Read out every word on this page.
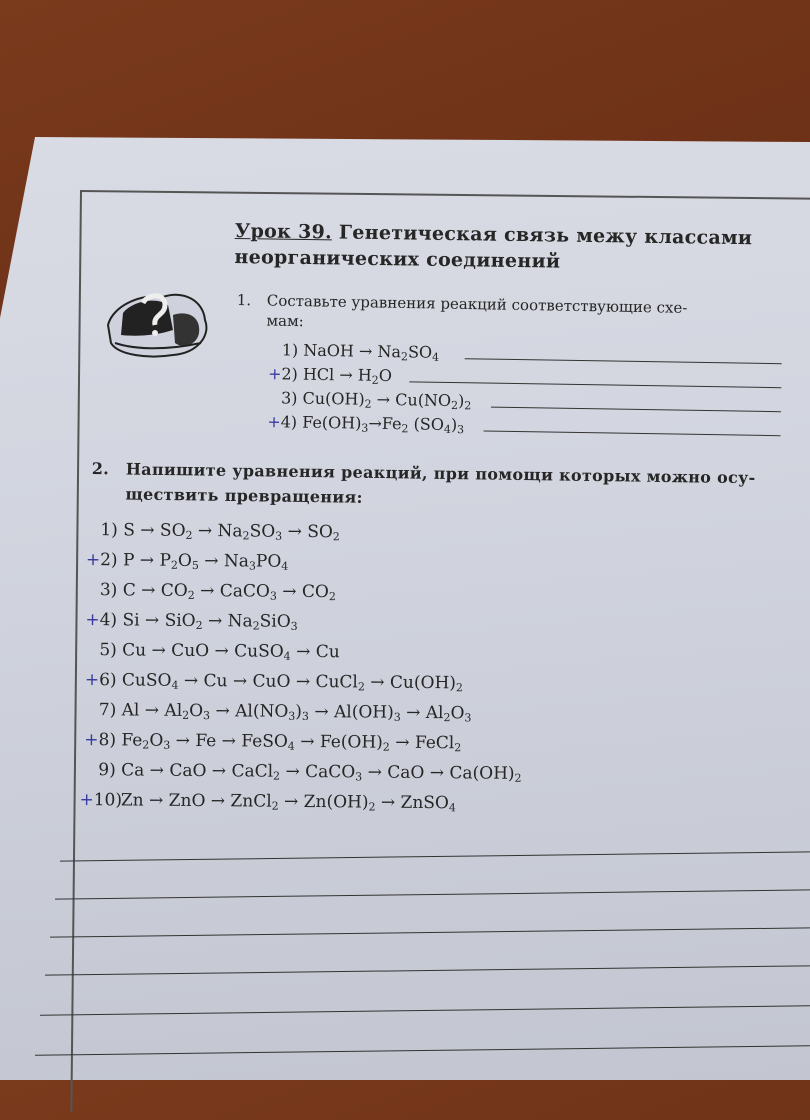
Урок 39. Генетическая связь межу классами
неорганических соединений
1. Составьте уравнения реакций соответствующие схе-
мам:
1) NaOH → $Na_2SO_4$
+2) HCl → $H_2O$
3) $Cu(OH)_2 \to Cu(NO_2)_2$
+4) $Fe(OH)_3\to Fe_2$ $(SO_4)_3$
2. Напишите уравнения реакций, при помощи которых можно осу-
ществить превращения:
1) $S \to SO_2 \to Na_2SO_3 \to SO_2$
+2) $P \to P_2O_5 \to Na_3PO_4$
3) $C \to CO_2$ → CaCO$_3$ → $CO_2$
+4) $Si \to SiO_2 \to Na_2SiO_3$
5) Cu → CuO → CuSO$_4$ → Cu
+6) CuSO$_4$ → Cu → CuO → CuCl$_2$ → $Cu(OH)_2$
7) $Al \to Al_2O_3 \to Al(NO_3)_3 \to Al(OH)_3 \to Al_2O_3$
+8) $Fe_2O_3 \to Fe$ → FeSO$_4$ → $Fe(OH)_2$ → FeCl$_2$
9) Ca → CaO → CaCl$_2$ → CaCO$_3$ → CaO → $Ca(OH)_2$
+10) Zn → ZnO → ZnCl$_2$ → $Zn(OH)_2$ → ZnSO$_4$
